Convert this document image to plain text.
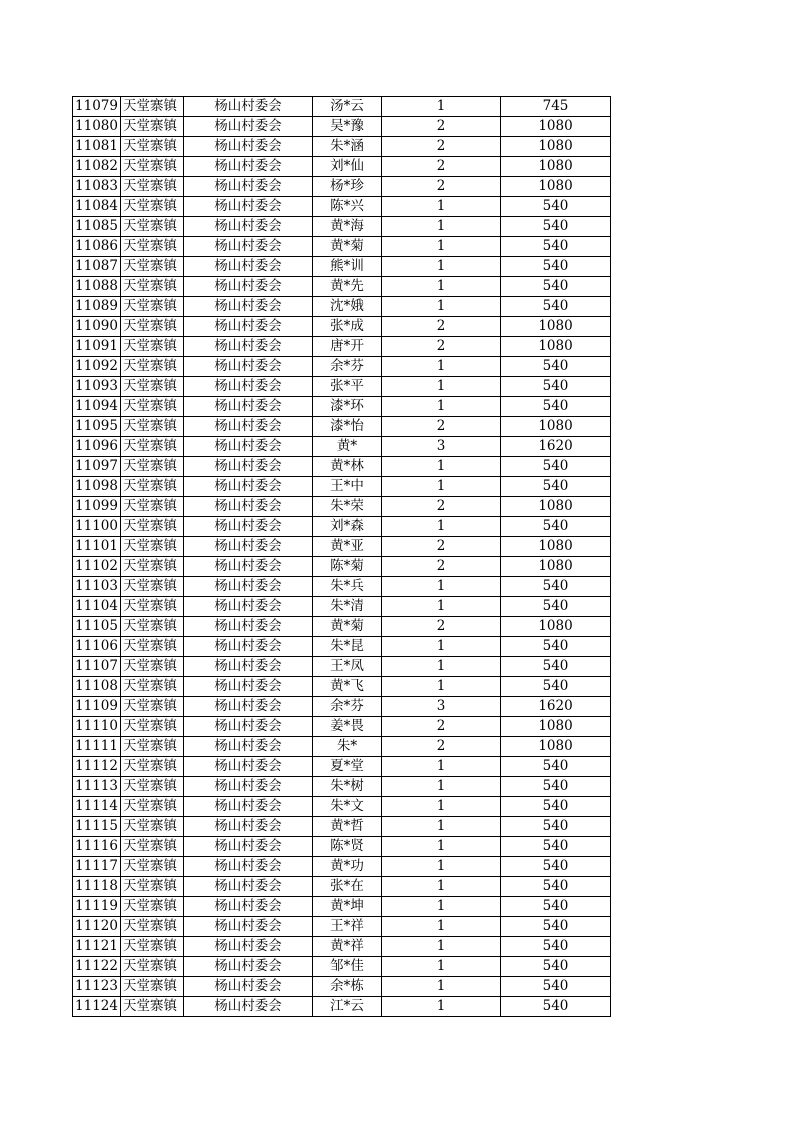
11079	天堂寨镇	杨山村委会	汤*云	1	745
11080	天堂寨镇	杨山村委会	吴*豫	2	1080
11081	天堂寨镇	杨山村委会	朱*涵	2	1080
11082	天堂寨镇	杨山村委会	刘*仙	2	1080
11083	天堂寨镇	杨山村委会	杨*珍	2	1080
11084	天堂寨镇	杨山村委会	陈*兴	1	540
11085	天堂寨镇	杨山村委会	黄*海	1	540
11086	天堂寨镇	杨山村委会	黄*菊	1	540
11087	天堂寨镇	杨山村委会	熊*训	1	540
11088	天堂寨镇	杨山村委会	黄*先	1	540
11089	天堂寨镇	杨山村委会	沈*娥	1	540
11090	天堂寨镇	杨山村委会	张*成	2	1080
11091	天堂寨镇	杨山村委会	唐*开	2	1080
11092	天堂寨镇	杨山村委会	余*芬	1	540
11093	天堂寨镇	杨山村委会	张*平	1	540
11094	天堂寨镇	杨山村委会	漆*环	1	540
11095	天堂寨镇	杨山村委会	漆*怡	2	1080
11096	天堂寨镇	杨山村委会	黄*	3	1620
11097	天堂寨镇	杨山村委会	黄*林	1	540
11098	天堂寨镇	杨山村委会	王*中	1	540
11099	天堂寨镇	杨山村委会	朱*荣	2	1080
11100	天堂寨镇	杨山村委会	刘*森	1	540
11101	天堂寨镇	杨山村委会	黄*亚	2	1080
11102	天堂寨镇	杨山村委会	陈*菊	2	1080
11103	天堂寨镇	杨山村委会	朱*兵	1	540
11104	天堂寨镇	杨山村委会	朱*清	1	540
11105	天堂寨镇	杨山村委会	黄*菊	2	1080
11106	天堂寨镇	杨山村委会	朱*昆	1	540
11107	天堂寨镇	杨山村委会	王*凤	1	540
11108	天堂寨镇	杨山村委会	黄*飞	1	540
11109	天堂寨镇	杨山村委会	余*芬	3	1620
11110	天堂寨镇	杨山村委会	姜*畏	2	1080
11111	天堂寨镇	杨山村委会	朱*	2	1080
11112	天堂寨镇	杨山村委会	夏*堂	1	540
11113	天堂寨镇	杨山村委会	朱*树	1	540
11114	天堂寨镇	杨山村委会	朱*文	1	540
11115	天堂寨镇	杨山村委会	黄*哲	1	540
11116	天堂寨镇	杨山村委会	陈*贤	1	540
11117	天堂寨镇	杨山村委会	黄*功	1	540
11118	天堂寨镇	杨山村委会	张*在	1	540
11119	天堂寨镇	杨山村委会	黄*坤	1	540
11120	天堂寨镇	杨山村委会	王*祥	1	540
11121	天堂寨镇	杨山村委会	黄*祥	1	540
11122	天堂寨镇	杨山村委会	邹*佳	1	540
11123	天堂寨镇	杨山村委会	余*栋	1	540
11124	天堂寨镇	杨山村委会	江*云	1	540
